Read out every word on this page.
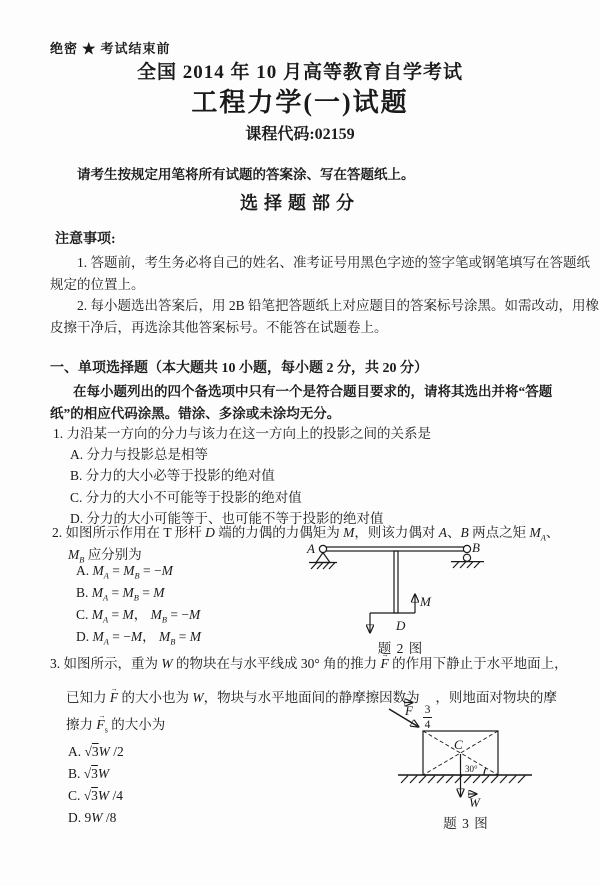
绝密 ★ 考试结束前
全国 2014 年 10 月高等教育自学考试
工程力学(一)试题
课程代码:02159
请考生按规定用笔将所有试题的答案涂、写在答题纸上。
选择题部分
注意事项:
1. 答题前，考生务必将自己的姓名、准考证号用黑色字迹的签字笔或钢笔填写在答题纸
规定的位置上。
2. 每小题选出答案后，用 2B 铅笔把答题纸上对应题目的答案标号涂黑。如需改动，用橡
皮擦干净后，再选涂其他答案标号。不能答在试题卷上。
一、单项选择题（本大题共 10 小题，每小题 2 分，共 20 分）
在每小题列出的四个备选项中只有一个是符合题目要求的，请将其选出并将“答题
纸”的相应代码涂黑。错涂、多涂或未涂均无分。
1. 力沿某一方向的分力与该力在这一方向上的投影之间的关系是
A. 分力与投影总是相等
B. 分力的大小必等于投影的绝对值
C. 分力的大小不可能等于投影的绝对值
D. 分力的大小可能等于、也可能不等于投影的绝对值
2. 如图所示作用在 T 形杆 D 端的力偶的力偶矩为 M，则该力偶对 A、B 两点之矩 $M_A$、
$M_B$ 应分别为
A. $M_A = M_B = -M$
B. $M_A = M_B = M$
C. $M_A = M$， $M_B = -M$
D. $M_A = -M$， $M_B = M$
A	B
M
D
题 2 图
3. 如图所示，重为 W 的物块在与水平线成 30° 角的推力 F → 的作用下静止于水平地面上，
已知力 F → 的大小也为 W，物块与水平地面间的静摩擦因数为
$\frac{3}{4}$
，则地面对物块的摩
擦力 $F_s$ → 的大小为
A. √3W /2
B. √3W
C. √3W /4
D. 9W /8
F
C
30°
W
题 3 图
